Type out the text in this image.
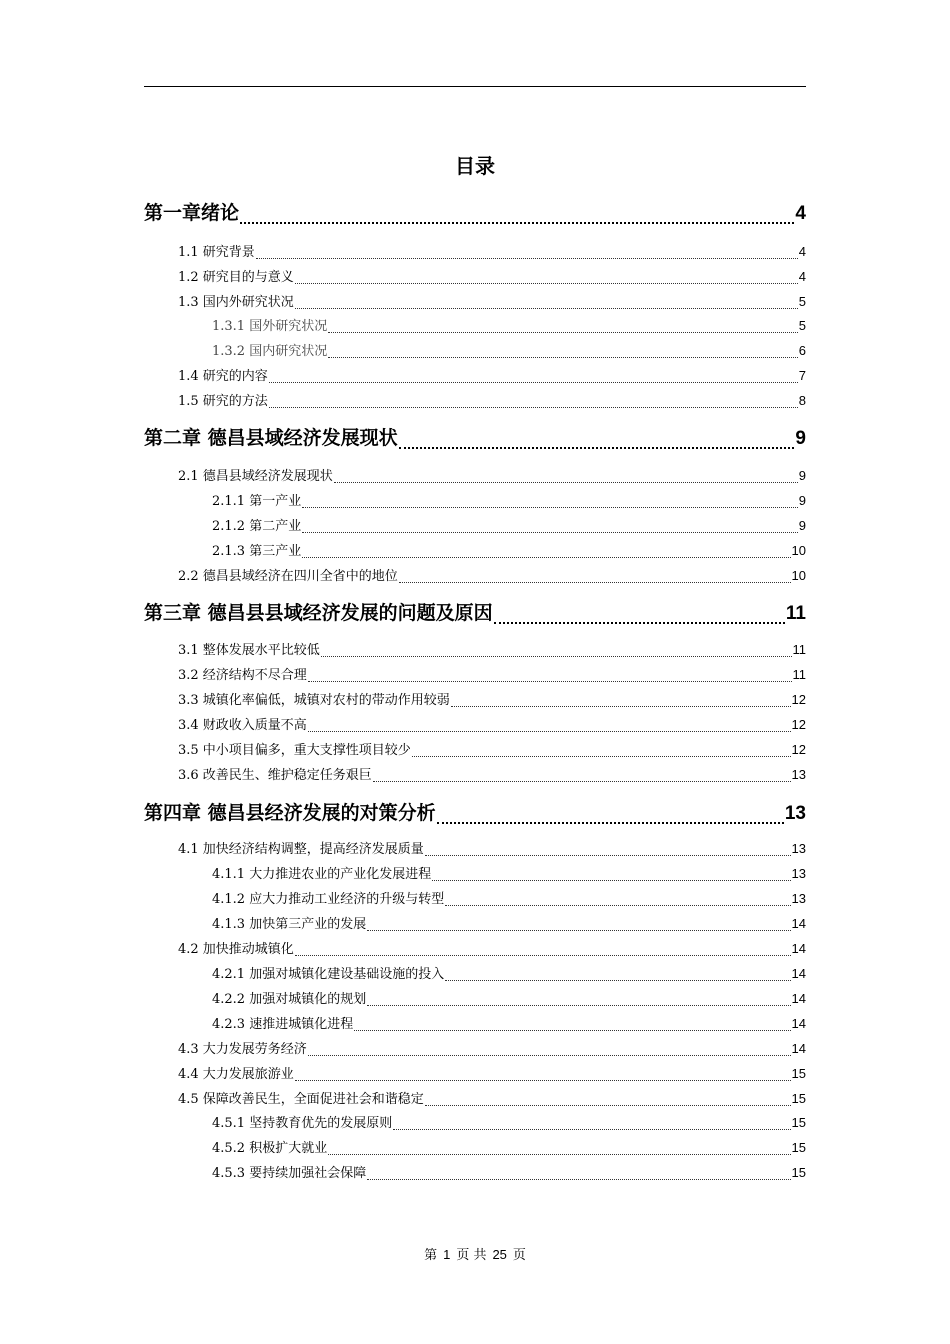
目录
第一章绪论	4
1.1 研究背景	4
1.2 研究目的与意义	4
1.3 国内外研究状况	5
1.3.1 国外研究状况	5
1.3.2 国内研究状况	6
1.4 研究的内容	7
1.5 研究的方法	8
第二章 德昌县域经济发展现状	9
2.1 德昌县域经济发展现状	9
2.1.1 第一产业	9
2.1.2 第二产业	9
2.1.3 第三产业	10
2.2 德昌县域经济在四川全省中的地位	10
第三章 德昌县县域经济发展的问题及原因	11
3.1 整体发展水平比较低	11
3.2 经济结构不尽合理	11
3.3 城镇化率偏低，城镇对农村的带动作用较弱	12
3.4 财政收入质量不高	12
3.5 中小项目偏多，重大支撑性项目较少	12
3.6 改善民生、维护稳定任务艰巨	13
第四章 德昌县经济发展的对策分析	13
4.1 加快经济结构调整，提高经济发展质量	13
4.1.1 大力推进农业的产业化发展进程	13
4.1.2 应大力推动工业经济的升级与转型	13
4.1.3 加快第三产业的发展	14
4.2 加快推动城镇化	14
4.2.1 加强对城镇化建设基础设施的投入	14
4.2.2 加强对城镇化的规划	14
4.2.3 速推进城镇化进程	14
4.3 大力发展劳务经济	14
4.4 大力发展旅游业	15
4.5 保障改善民生，全面促进社会和谐稳定	15
4.5.1 坚持教育优先的发展原则	15
4.5.2 积极扩大就业	15
4.5.3 要持续加强社会保障	15
第 1 页 共 25 页
